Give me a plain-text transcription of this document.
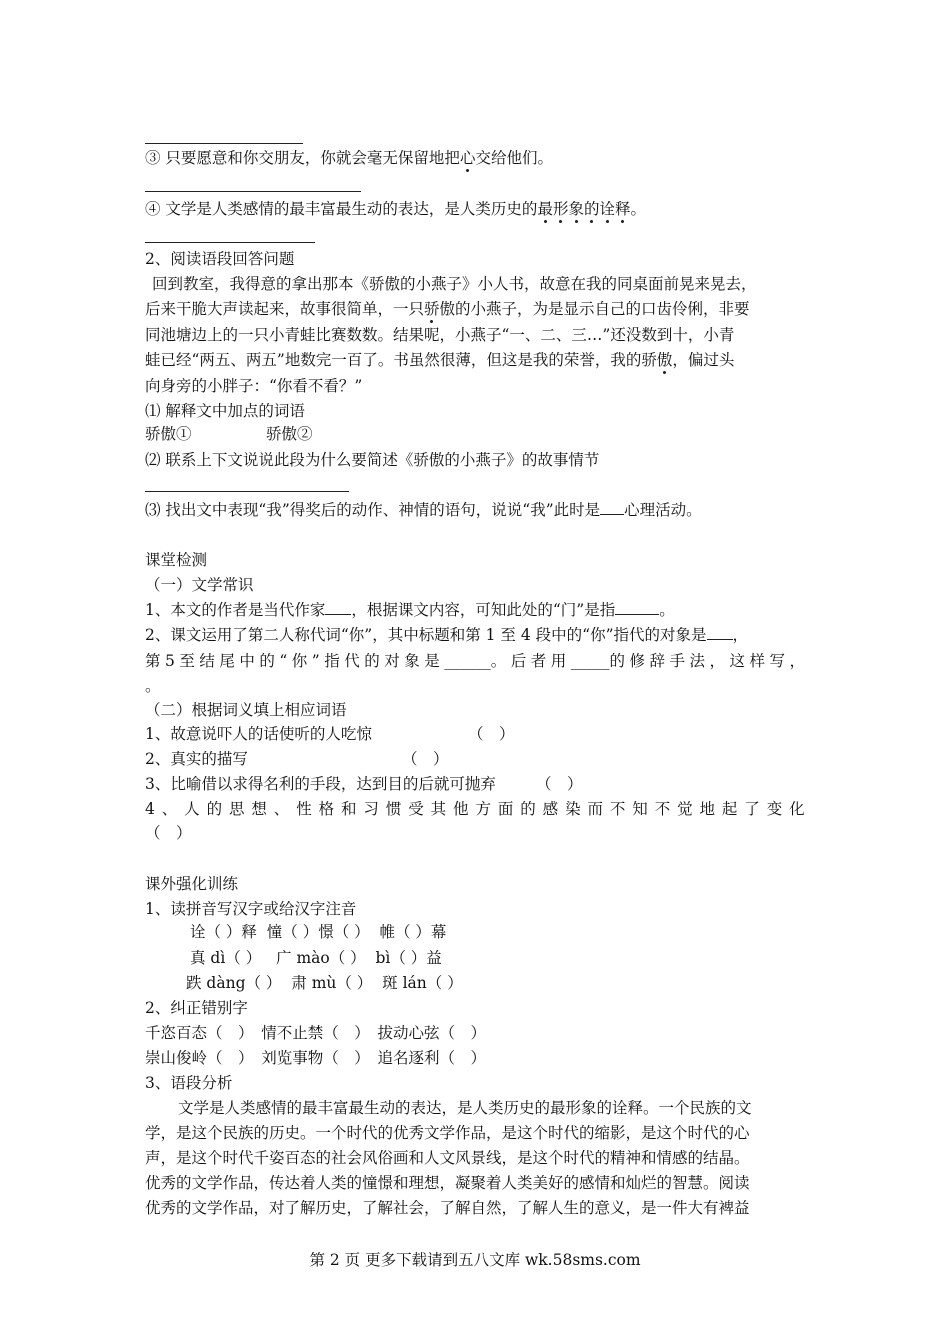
③ 只要愿意和你交朋友，你就会毫无保留地把心交给他们。
④ 文学是人类感情的最丰富最生动的表达，是人类历史的最形象的诠释。
2、阅读语段回答问题
回到教室，我得意的拿出那本《骄傲的小燕子》小人书，故意在我的同桌面前晃来晃去，
后来干脆大声读起来，故事很简单，一只骄傲的小燕子，为是显示自己的口齿伶俐，非要
同池塘边上的一只小青蛙比赛数数。结果呢，小燕子“一、二、三…”还没数到十，小青
蛙已经“两五、两五”地数完一百了。书虽然很薄，但这是我的荣誉，我的骄傲，偏过头
向身旁的小胖子：“你看不看？”
⑴ 解释文中加点的词语
骄傲①	骄傲②
⑵ 联系上下文说说此段为什么要简述《骄傲的小燕子》的故事情节
⑶ 找出文中表现“我”得奖后的动作、神情的语句，说说“我”此时是 心理活动。
课堂检测
（一）文学常识
1、本文的作者是当代作家 ，根据课文内容，可知此处的“门”是指	。
2、课文运用了第二人称代词“你”，其中标题和第 1 至 4 段中的“你”指代的对象是 ，
第 5 至 结 尾 中 的 “ 你 ” 指 代 的 对 象 是 ______。 后 者 用 _____的 修 辞 手 法 ， 这 样 写 ，
。
（二）根据词义填上相应词语
1、故意说吓人的话使听的人吃惊	（　）
2、真实的描写	（　）
3、比喻借以求得名利的手段，达到目的后就可抛弃	（　）
4 、 人 的 思 想 、 性 格 和 习 惯 受 其 他 方 面 的 感 染 而 不 知 不 觉 地 起 了 变 化
（　）
课外强化训练
1、读拼音写汉字或给汉字注音
诠（ ）释  憧（ ）憬（ ）  帷（ ）幕
真 dì（ ）   广 mào（ ）  bì（ ）益
跌 dàng（ ）  肃 mù（ ）  斑 lán（ ）
2、纠正错别字
千恣百态（　）　情不止禁（　）　拔动心弦（　）
崇山俊岭（　）　刘览事物（　）　追名逐利（　）
3、语段分析
文学是人类感情的最丰富最生动的表达，是人类历史的最形象的诠释。一个民族的文
学，是这个民族的历史。一个时代的优秀文学作品，是这个时代的缩影，是这个时代的心
声，是这个时代千姿百态的社会风俗画和人文风景线，是这个时代的精神和情感的结晶。
优秀的文学作品，传达着人类的憧憬和理想，凝聚着人类美好的感情和灿烂的智慧。阅读
优秀的文学作品，对了解历史，了解社会，了解自然，了解人生的意义，是一件大有裨益
第 2 页 更多下载请到五八文库 wk.58sms.com
